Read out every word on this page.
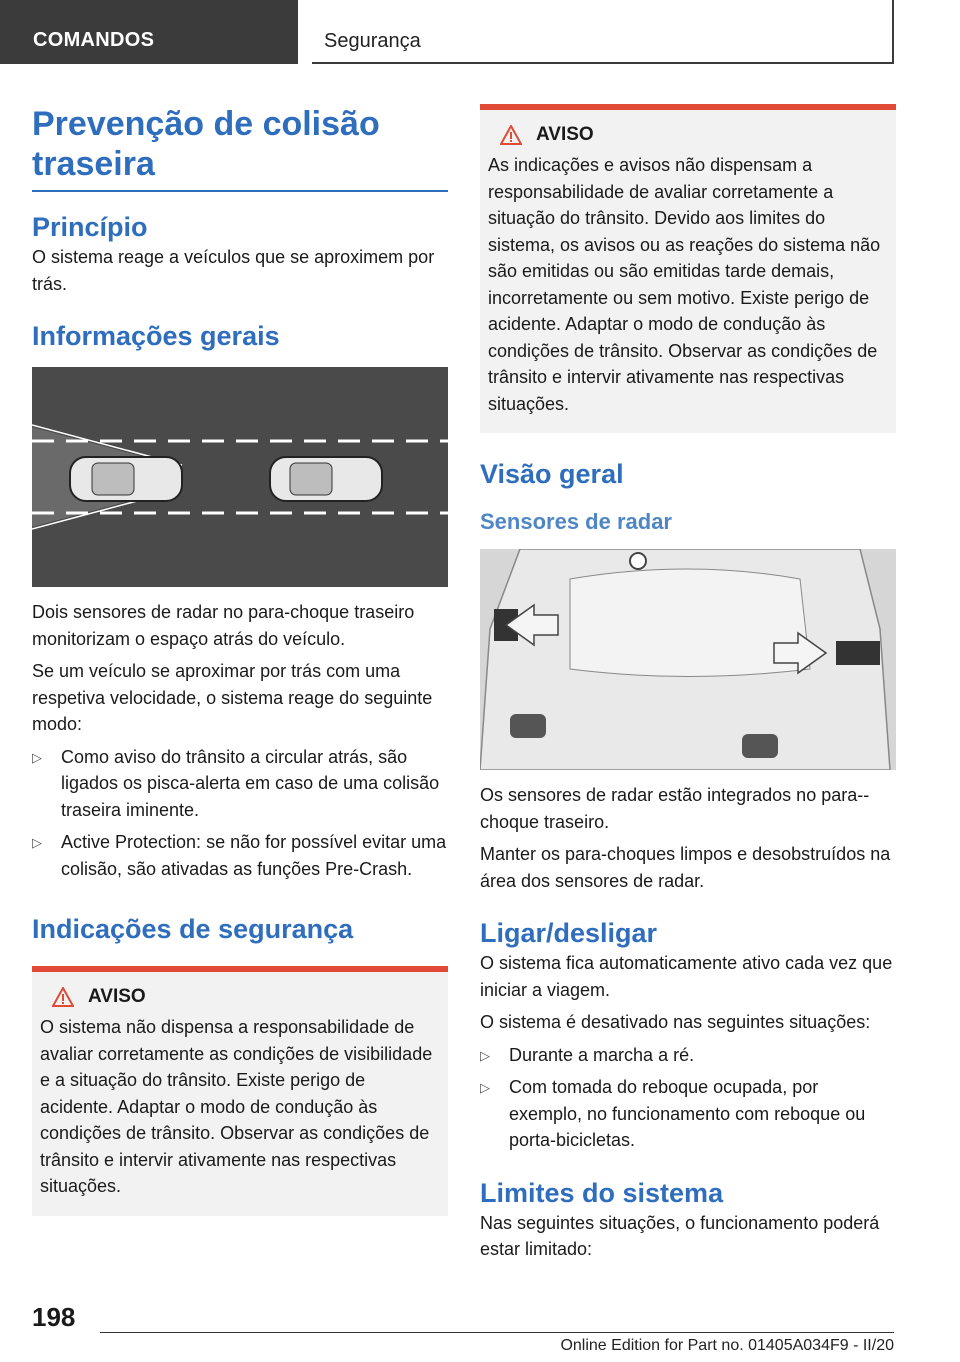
COMANDOS	Segurança
Prevenção de colisão traseira
Princípio

O sistema reage a veículos que se aproximem por trás.

Informações gerais

Dois sensores de radar no para-choque traseiro monitorizam o espaço atrás do veículo.

Se um veículo se aproximar por trás com uma respetiva velocidade, o sistema reage do seguinte modo:

▷ Como aviso do trânsito a circular atrás, são ligados os pisca-alerta em caso de uma colisão traseira iminente.
▷ Active Protection: se não for possível evitar uma colisão, são ativadas as funções Pre-Crash.
Indicações de segurança
AVISO

O sistema não dispensa a responsabilidade de avaliar corretamente as condições de visibilidade e a situação do trânsito. Existe perigo de acidente. Adaptar o modo de condução às condições de trânsito. Observar as condições de trânsito e intervir ativamente nas respectivas situações.

AVISO

As indicações e avisos não dispensam a responsabilidade de avaliar corretamente a situação do trânsito. Devido aos limites do sistema, os avisos ou as reações do sistema não são emitidas ou são emitidas tarde demais, incorretamente ou sem motivo. Existe perigo de acidente. Adaptar o modo de condução às condições de trânsito. Observar as condições de trânsito e intervir ativamente nas respectivas situações.

Visão geral
Sensores de radar

Os sensores de radar estão integrados no para--choque traseiro.

Manter os para-choques limpos e desobstruídos na área dos sensores de radar.

Ligar/desligar

O sistema fica automaticamente ativo cada vez que iniciar a viagem.

O sistema é desativado nas seguintes situações:

▷ Durante a marcha a ré.
▷ Com tomada do reboque ocupada, por exemplo, no funcionamento com reboque ou porta-bicicletas.
Limites do sistema

Nas seguintes situações, o funcionamento poderá estar limitado:

198
Online Edition for Part no. 01405A034F9 - II/20
